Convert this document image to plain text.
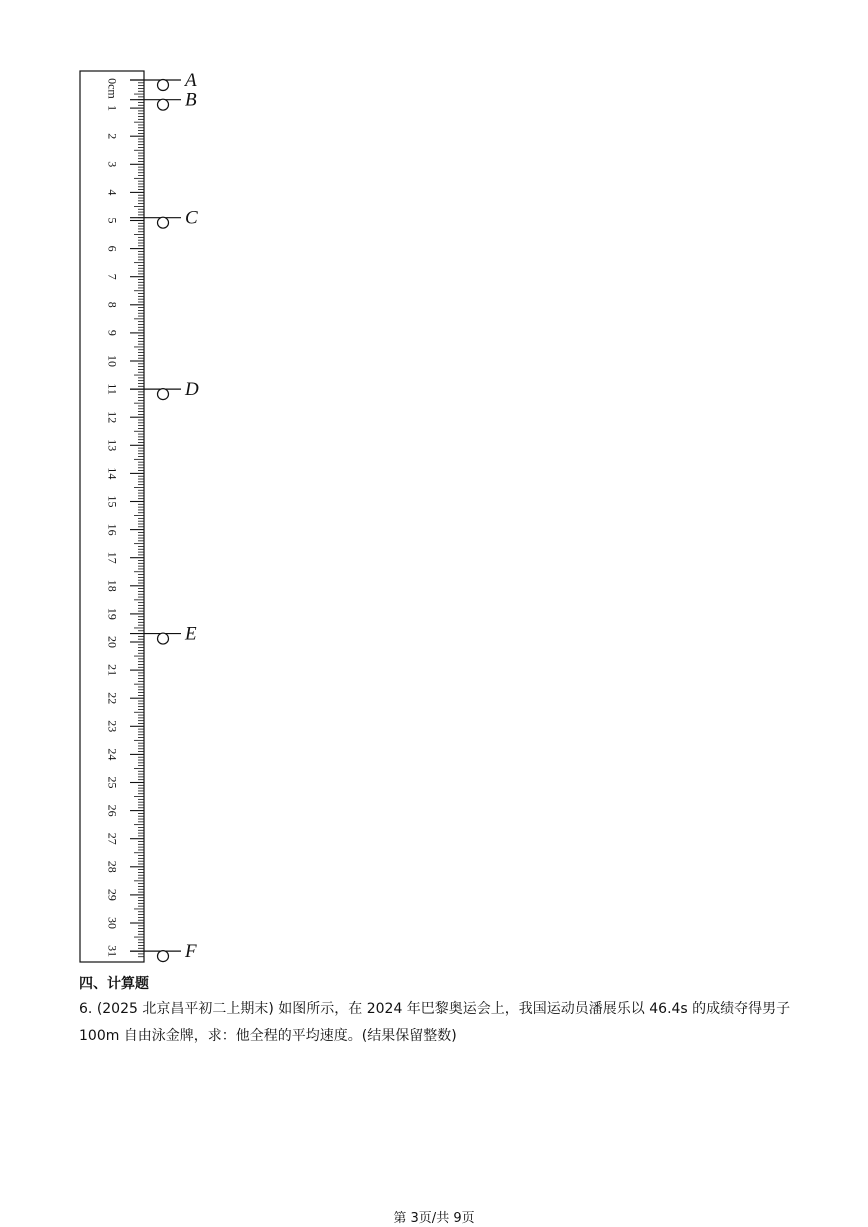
0cm
1
2
3
4
5
6
7
8
9
10
11
12
13
14
15
16
17
18
19
20
21
22
23
24
25
26
27
28
29
30
31
A
B
C
D
E
F
四、计算题
6. (2025 北京昌平初二上期末) 如图所示，在 2024 年巴黎奥运会上，我国运动员潘展乐以 46.4s 的成绩夺得男子 100m 自由泳金牌，求：他全程的平均速度。(结果保留整数)
第 3页/共 9页
